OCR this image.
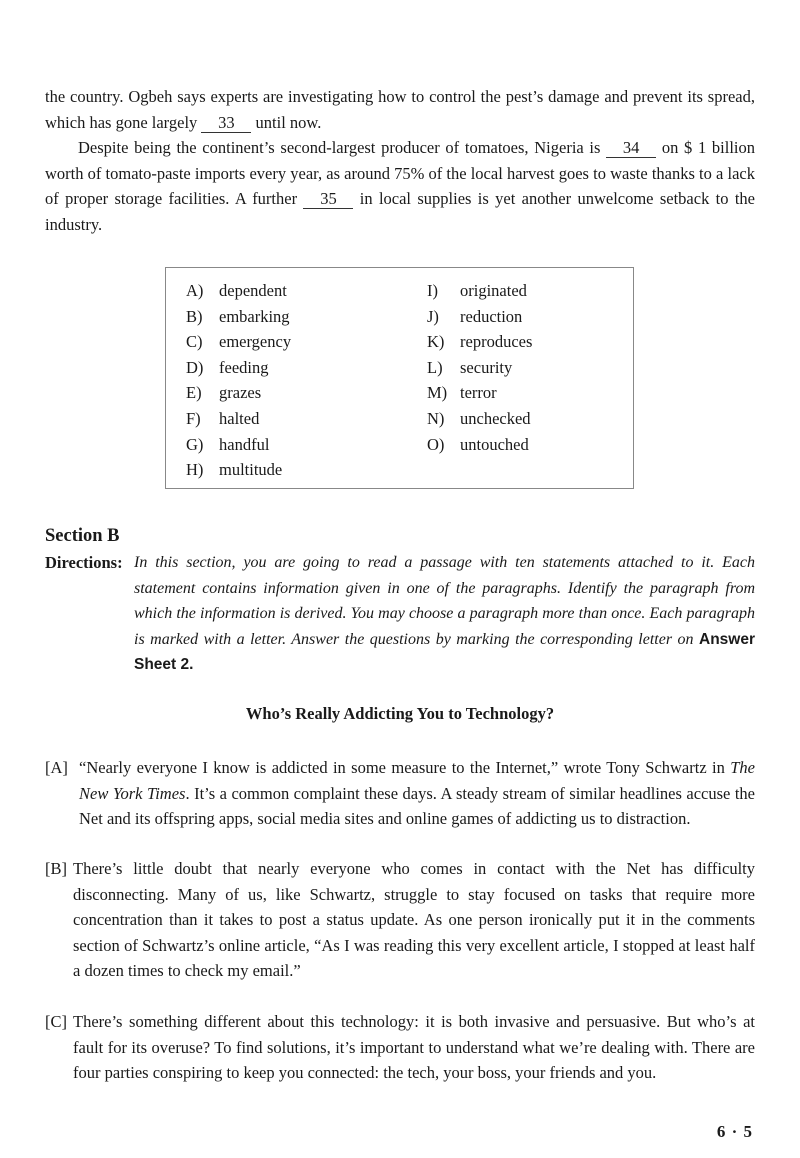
the country. Ogbeh says experts are investigating how to control the pest’s damage and prevent its spread, which has gone largely 33 until now.

Despite being the continent’s second-largest producer of tomatoes, Nigeria is 34 on $ 1 billion worth of tomato-paste imports every year, as around 75% of the local harvest goes to waste thanks to a lack of proper storage facilities. A further 35 in local supplies is yet another unwelcome setback to the industry.

A) dependent
B) embarking
C) emergency
D) feeding
E) grazes
F) halted
G) handful
H) multitude
I) originated
J) reduction
K) reproduces
L) security
M) terror
N) unchecked
O) untouched
Section B
Directions: In this section, you are going to read a passage with ten statements attached to it. Each statement contains information given in one of the paragraphs. Identify the paragraph from which the information is derived. You may choose a paragraph more than once. Each paragraph is marked with a letter. Answer the questions by marking the corresponding letter on Answer Sheet 2.
Who’s Really Addicting You to Technology?
[A] “Nearly everyone I know is addicted in some measure to the Internet,” wrote Tony Schwartz in The New York Times. It’s a common complaint these days. A steady stream of similar headlines accuse the Net and its offspring apps, social media sites and online games of addicting us to distraction.

[B] There’s little doubt that nearly everyone who comes in contact with the Net has difficulty disconnecting. Many of us, like Schwartz, struggle to stay focused on tasks that require more concentration than it takes to post a status update. As one person ironically put it in the comments section of Schwartz’s online article, “As I was reading this very excellent article, I stopped at least half a dozen times to check my email.”

[C] There’s something different about this technology: it is both invasive and persuasive. But who’s at fault for its overuse? To find solutions, it’s important to understand what we’re dealing with. There are four parties conspiring to keep you connected: the tech, your boss, your friends and you.

6 · 5
